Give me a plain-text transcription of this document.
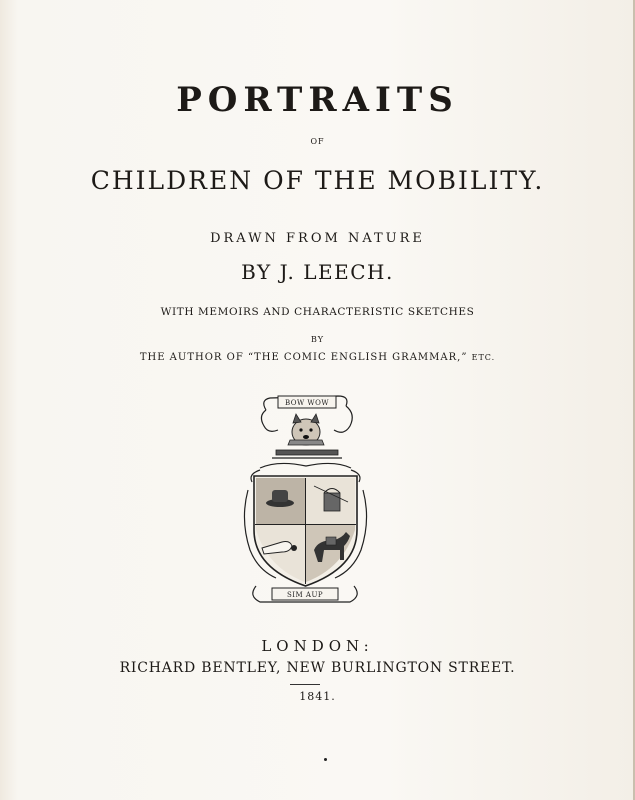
PORTRAITS
OF
CHILDREN OF THE MOBILITY.
DRAWN FROM NATURE
BY J. LEECH.
WITH MEMOIRS AND CHARACTERISTIC SKETCHES
BY
THE AUTHOR OF “THE COMIC ENGLISH GRAMMAR,” ETC.
BOW WOW
SIM AUP
LONDON:
RICHARD BENTLEY, NEW BURLINGTON STREET.
1841.
